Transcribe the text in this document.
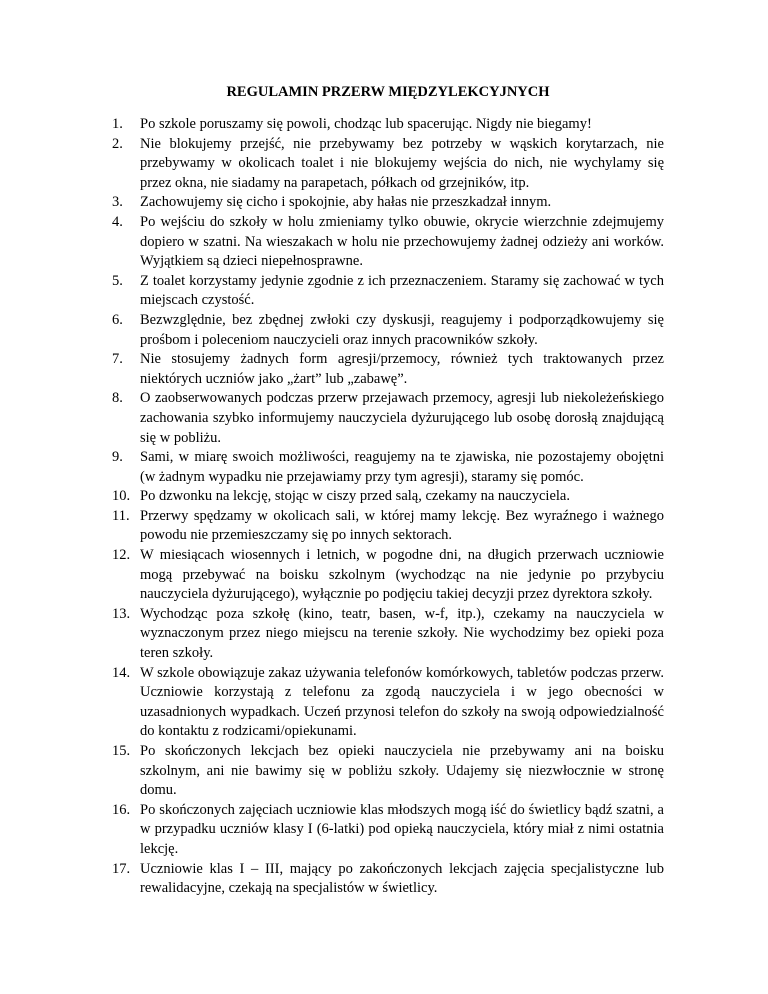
REGULAMIN PRZERW MIĘDZYLEKCYJNYCH
1.	Po szkole poruszamy się powoli, chodząc lub spacerując. Nigdy nie biegamy!
2.	Nie blokujemy przejść, nie przebywamy bez potrzeby w wąskich korytarzach, nie przebywamy w okolicach toalet i nie blokujemy wejścia do nich, nie wychylamy się przez okna, nie siadamy na parapetach, półkach od grzejników, itp.
3.	Zachowujemy się cicho i spokojnie, aby hałas nie przeszkadzał innym.
4.	Po wejściu do szkoły w holu zmieniamy tylko obuwie, okrycie wierzchnie zdejmujemy dopiero w szatni. Na wieszakach w holu nie przechowujemy żadnej odzieży ani worków. Wyjątkiem są dzieci niepełnosprawne.
5.	Z toalet korzystamy jedynie zgodnie z ich przeznaczeniem. Staramy się zachować w tych miejscach czystość.
6.	Bezwzględnie, bez zbędnej zwłoki czy dyskusji, reagujemy i podporządkowujemy się prośbom i poleceniom nauczycieli oraz innych pracowników szkoły.
7.	Nie stosujemy żadnych form agresji/przemocy, również tych traktowanych przez niektórych uczniów jako „żart” lub „zabawę”.
8.	O zaobserwowanych podczas przerw przejawach przemocy, agresji lub niekoleżeńskiego zachowania szybko informujemy nauczyciela dyżurującego lub osobę dorosłą znajdującą się w pobliżu.
9.	Sami, w miarę swoich możliwości, reagujemy na te zjawiska, nie pozostajemy obojętni (w żadnym wypadku nie przejawiamy przy tym agresji), staramy się pomóc.
10. Po dzwonku na lekcję, stojąc w ciszy przed salą, czekamy na nauczyciela.
11. Przerwy spędzamy w okolicach sali, w której mamy lekcję. Bez wyraźnego i ważnego powodu nie przemieszczamy się po innych sektorach.
12. W miesiącach wiosennych i letnich, w pogodne dni, na długich przerwach uczniowie mogą przebywać na boisku szkolnym (wychodząc na nie jedynie po przybyciu nauczyciela dyżurującego), wyłącznie po podjęciu takiej decyzji przez dyrektora szkoły.
13. Wychodząc poza szkołę (kino, teatr, basen, w-f, itp.), czekamy na nauczyciela w wyznaczonym przez niego miejscu na terenie szkoły. Nie wychodzimy bez opieki poza teren szkoły.
14. W szkole obowiązuje zakaz używania telefonów komórkowych, tabletów podczas przerw. Uczniowie korzystają z telefonu za zgodą nauczyciela i w jego obecności w uzasadnionych wypadkach. Uczeń przynosi telefon do szkoły na swoją odpowiedzialność do kontaktu z rodzicami/opiekunami.
15. Po skończonych lekcjach bez opieki nauczyciela nie przebywamy ani na boisku szkolnym, ani nie bawimy się w pobliżu szkoły. Udajemy się niezwłocznie w stronę domu.
16. Po skończonych zajęciach uczniowie klas młodszych mogą iść do świetlicy bądź szatni, a w przypadku uczniów klasy I (6-latki) pod opieką nauczyciela, który miał z nimi ostatnia lekcję.
17. Uczniowie klas I – III, mający po zakończonych lekcjach zajęcia specjalistyczne lub rewalidacyjne, czekają na specjalistów w świetlicy.
